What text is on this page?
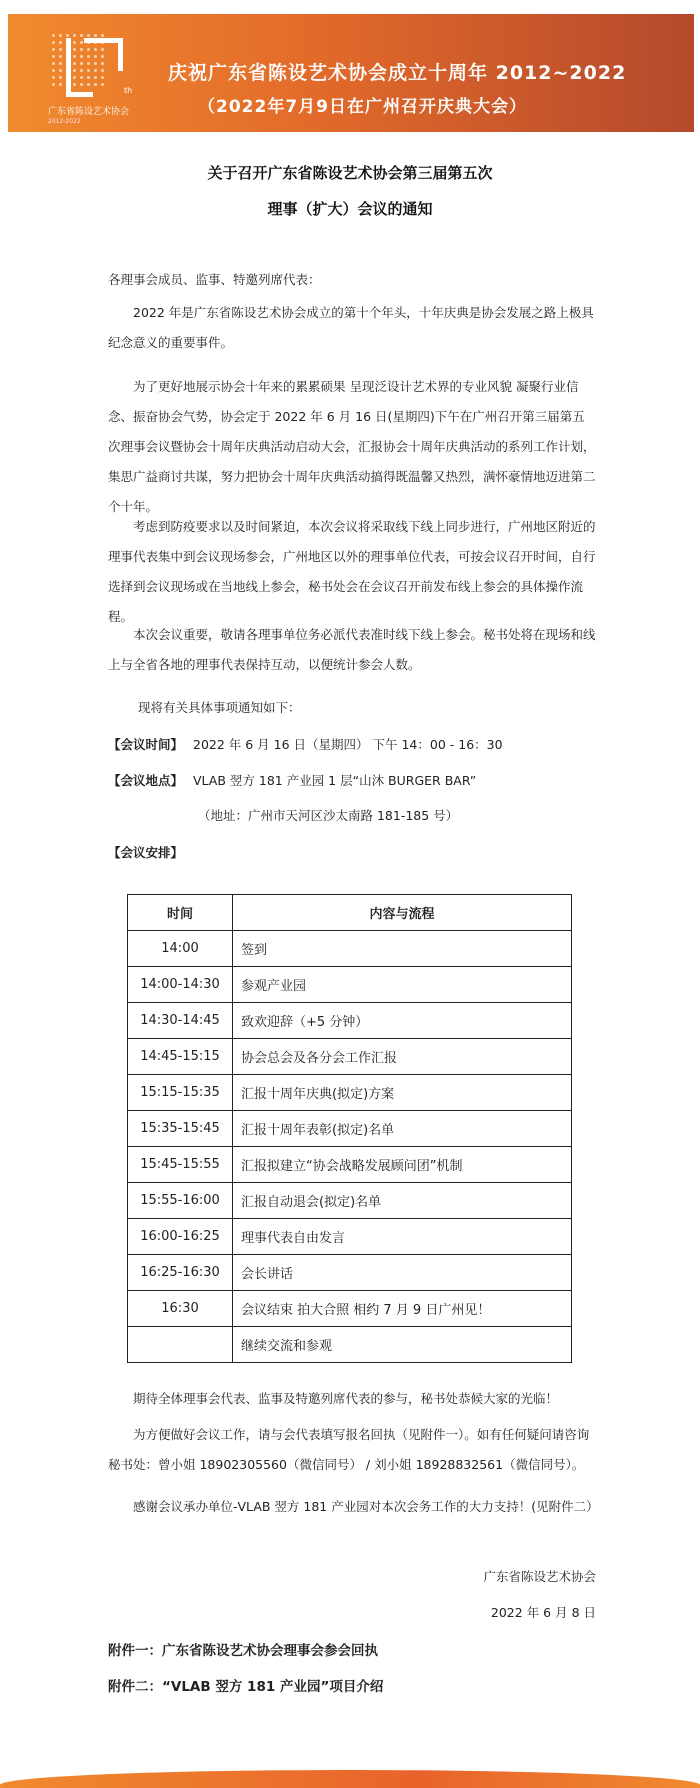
th
广东省陈设艺术协会
2012-2022
庆祝广东省陈设艺术协会成立十周年 2012~2022
（2022年7月9日在广州召开庆典大会）
关于召开广东省陈设艺术协会第三届第五次
理事（扩大）会议的通知
各理事会成员、监事、特邀列席代表：
2022 年是广东省陈设艺术协会成立的第十个年头，十年庆典是协会发展之路上极具纪念意义的重要事件。
为了更好地展示协会十年来的累累硕果 呈现泛设计艺术界的专业风貌 凝聚行业信念、振奋协会气势，协会定于 2022 年 6 月 16 日(星期四)下午在广州召开第三届第五次理事会议暨协会十周年庆典活动启动大会，汇报协会十周年庆典活动的系列工作计划，集思广益商讨共谋，努力把协会十周年庆典活动搞得既温馨又热烈，满怀豪情地迈进第二个十年。
考虑到防疫要求以及时间紧迫，本次会议将采取线下线上同步进行，广州地区附近的理事代表集中到会议现场参会，广州地区以外的理事单位代表，可按会议召开时间，自行选择到会议现场或在当地线上参会，秘书处会在会议召开前发布线上参会的具体操作流程。
本次会议重要，敬请各理事单位务必派代表准时线下线上参会。秘书处将在现场和线上与全省各地的理事代表保持互动，以便统计参会人数。
现将有关具体事项通知如下：
【会议时间】 2022 年 6 月 16 日（星期四） 下午 14：00 - 16：30
【会议地点】 VLAB 翌方 181 产业园 1 层“山沐 BURGER BAR”
（地址：广州市天河区沙太南路 181-185 号）
【会议安排】
时间	内容与流程
14:00	签到
14:00-14:30	参观产业园
14:30-14:45	致欢迎辞（+5 分钟）
14:45-15:15	协会总会及各分会工作汇报
15:15-15:35	汇报十周年庆典(拟定)方案
15:35-15:45	汇报十周年表彰(拟定)名单
15:45-15:55	汇报拟建立“协会战略发展顾问团”机制
15:55-16:00	汇报自动退会(拟定)名单
16:00-16:25	理事代表自由发言
16:25-16:30	会长讲话
16:30	会议结束 拍大合照 相约 7 月 9 日广州见！
	继续交流和参观
期待全体理事会代表、监事及特邀列席代表的参与，秘书处恭候大家的光临！
为方便做好会议工作，请与会代表填写报名回执（见附件一）。如有任何疑问请咨询秘书处：曾小姐 18902305560（微信同号） / 刘小姐 18928832561（微信同号）。
感谢会议承办单位-VLAB 翌方 181 产业园对本次会务工作的大力支持！(见附件二）
广东省陈设艺术协会
2022 年 6 月 8 日
附件一：广东省陈设艺术协会理事会参会回执
附件二：“VLAB 翌方 181 产业园”项目介绍
